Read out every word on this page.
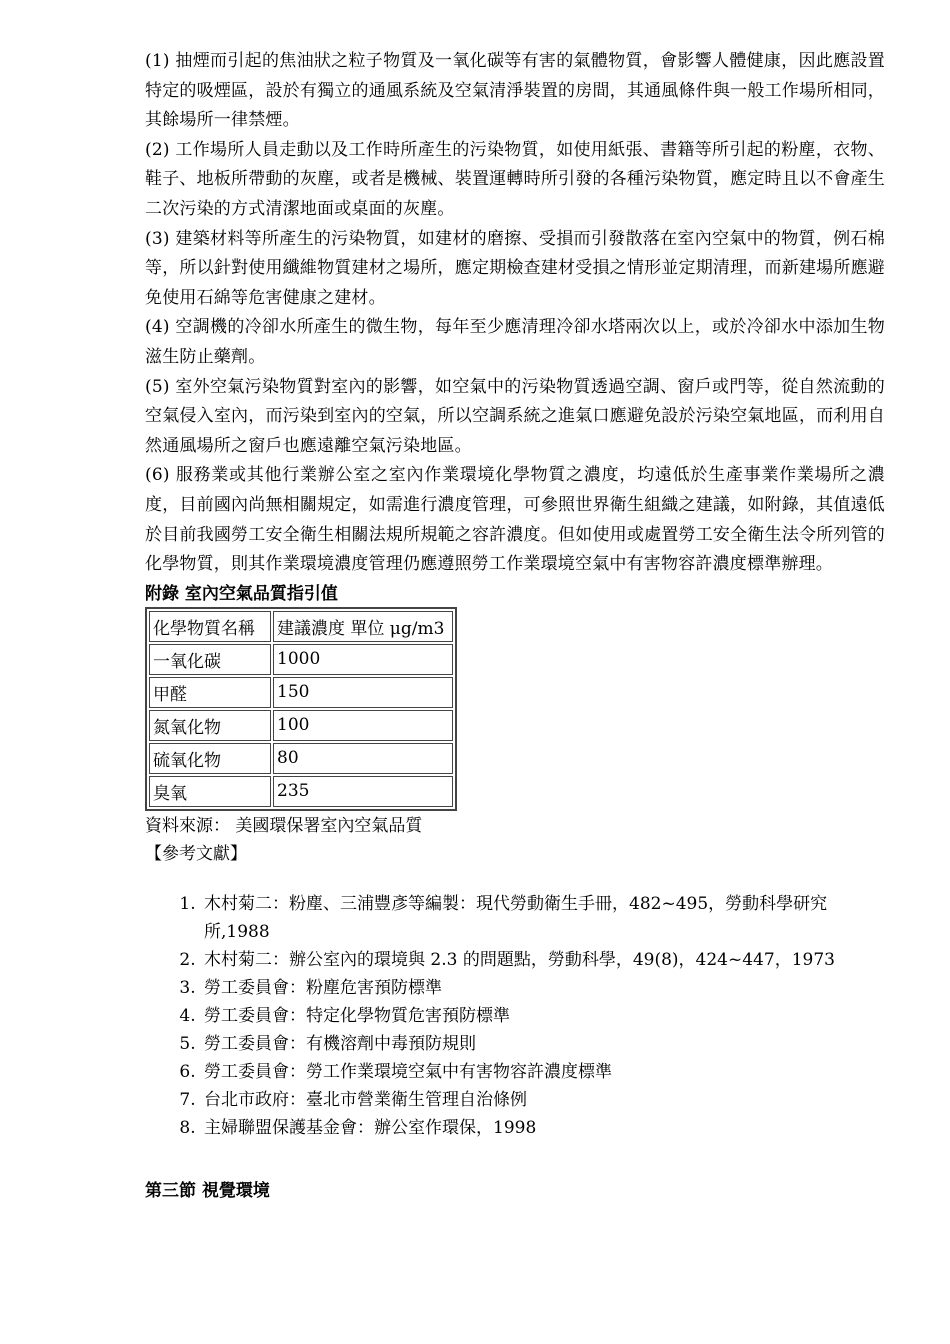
(1) 抽煙而引起的焦油狀之粒子物質及一氧化碳等有害的氣體物質，會影響人體健康，因此應設置特定的吸煙區，設於有獨立的通風系統及空氣清淨裝置的房間，其通風條件與一般工作場所相同，其餘場所一律禁煙。

(2) 工作場所人員走動以及工作時所產生的污染物質，如使用紙張、書籍等所引起的粉塵，衣物、鞋子、地板所帶動的灰塵，或者是機械、裝置運轉時所引發的各種污染物質，應定時且以不會產生二次污染的方式清潔地面或桌面的灰塵。

(3) 建築材料等所產生的污染物質，如建材的磨擦、受損而引發散落在室內空氣中的物質，例石棉等，所以針對使用纖維物質建材之場所，應定期檢查建材受損之情形並定期清理，而新建場所應避免使用石綿等危害健康之建材。

(4) 空調機的冷卻水所產生的微生物，每年至少應清理冷卻水塔兩次以上，或於冷卻水中添加生物滋生防止藥劑。

(5) 室外空氣污染物質對室內的影響，如空氣中的污染物質透過空調、窗戶或門等，從自然流動的空氣侵入室內，而污染到室內的空氣，所以空調系統之進氣口應避免設於污染空氣地區，而利用自然通風場所之窗戶也應遠離空氣污染地區。

(6) 服務業或其他行業辦公室之室內作業環境化學物質之濃度，均遠低於生產事業作業場所之濃度，目前國內尚無相關規定，如需進行濃度管理，可參照世界衛生組織之建議，如附錄，其值遠低於目前我國勞工安全衛生相關法規所規範之容許濃度。但如使用或處置勞工安全衛生法令所列管的化學物質，則其作業環境濃度管理仍應遵照勞工作業環境空氣中有害物容許濃度標準辦理。

附錄 室內空氣品質指引值
化學物質名稱	建議濃度 單位 μg/m3
一氧化碳	1000
甲醛	150
氮氧化物	100
硫氧化物	80
臭氧	235

資料來源： 美國環保署室內空氣品質

【參考文獻】

1. 木村菊二：粉塵、三浦豐彥等編製：現代勞動衛生手冊，482~495，勞動科學研究所,1988
2. 木村菊二：辦公室內的環境與 2.3 的問題點，勞動科學，49(8)，424~447，1973
3. 勞工委員會：粉塵危害預防標準
4. 勞工委員會：特定化學物質危害預防標準
5. 勞工委員會：有機溶劑中毒預防規則
6. 勞工委員會：勞工作業環境空氣中有害物容許濃度標準
7. 台北市政府：臺北市營業衛生管理自治條例
8. 主婦聯盟保護基金會：辦公室作環保，1998
第三節 視覺環境
